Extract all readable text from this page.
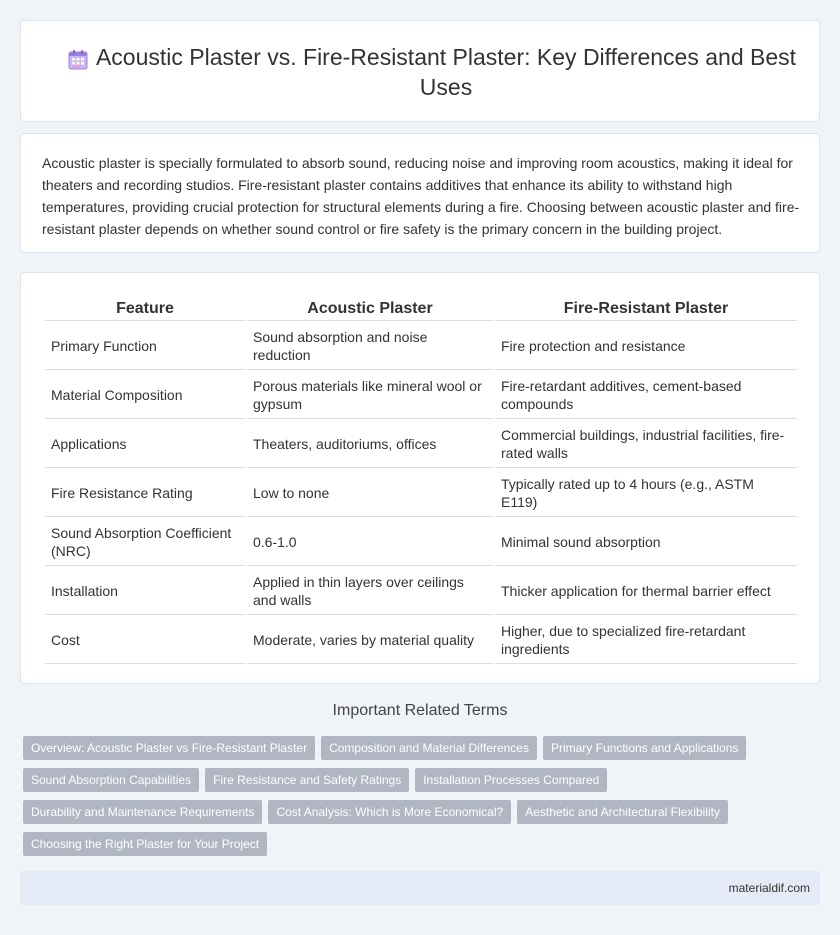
Acoustic Plaster vs. Fire-Resistant Plaster: Key Differences and Best Uses

Acoustic plaster is specially formulated to absorb sound, reducing noise and improving room acoustics, making it ideal for theaters and recording studios. Fire-resistant plaster contains additives that enhance its ability to withstand high temperatures, providing crucial protection for structural elements during a fire. Choosing between acoustic plaster and fire-resistant plaster depends on whether sound control or fire safety is the primary concern in the building project.

Feature	Acoustic Plaster	Fire-Resistant Plaster
Primary Function	Sound absorption and noise reduction	Fire protection and resistance
Material Composition	Porous materials like mineral wool or gypsum	Fire-retardant additives, cement-based compounds
Applications	Theaters, auditoriums, offices	Commercial buildings, industrial facilities, fire-rated walls
Fire Resistance Rating	Low to none	Typically rated up to 4 hours (e.g., ASTM E119)
Sound Absorption Coefficient (NRC)	0.6-1.0	Minimal sound absorption
Installation	Applied in thin layers over ceilings and walls	Thicker application for thermal barrier effect
Cost	Moderate, varies by material quality	Higher, due to specialized fire-retardant ingredients
Important Related Terms
Overview: Acoustic Plaster vs Fire-Resistant Plaster	Composition and Material Differences	Primary Functions and Applications
Sound Absorption Capabilities	Fire Resistance and Safety Ratings	Installation Processes Compared
Durability and Maintenance Requirements	Cost Analysis: Which is More Economical?	Aesthetic and Architectural Flexibility
Choosing the Right Plaster for Your Project
materialdif.com
